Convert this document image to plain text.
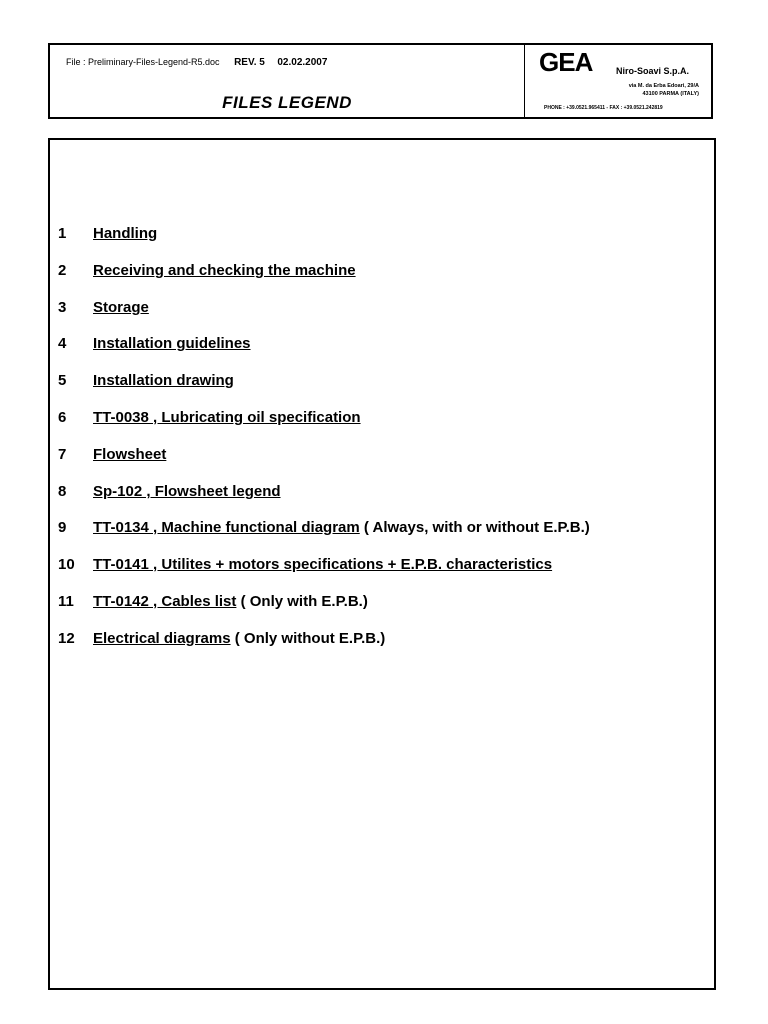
File : Preliminary-Files-Legend-R5.doc REV. 5 02.02.2007
FILES LEGEND
GEA	Niro-Soavi S.p.A.
via M. da Erba Edoari, 29/A
43100 PARMA (ITALY)
PHONE : +39.0521.965411 - FAX : +39.0521.242819
1	Handling
2	Receiving and checking the machine
3	Storage
4	Installation guidelines
5	Installation drawing
6	TT-0038 , Lubricating oil specification
7	Flowsheet
8	Sp-102 , Flowsheet legend
9	TT-0134 , Machine functional diagram ( Always, with or without E.P.B.)
10	TT-0141 , Utilites + motors specifications + E.P.B. characteristics
11	TT-0142 , Cables list ( Only with E.P.B.)
12	Electrical diagrams ( Only without E.P.B.)
